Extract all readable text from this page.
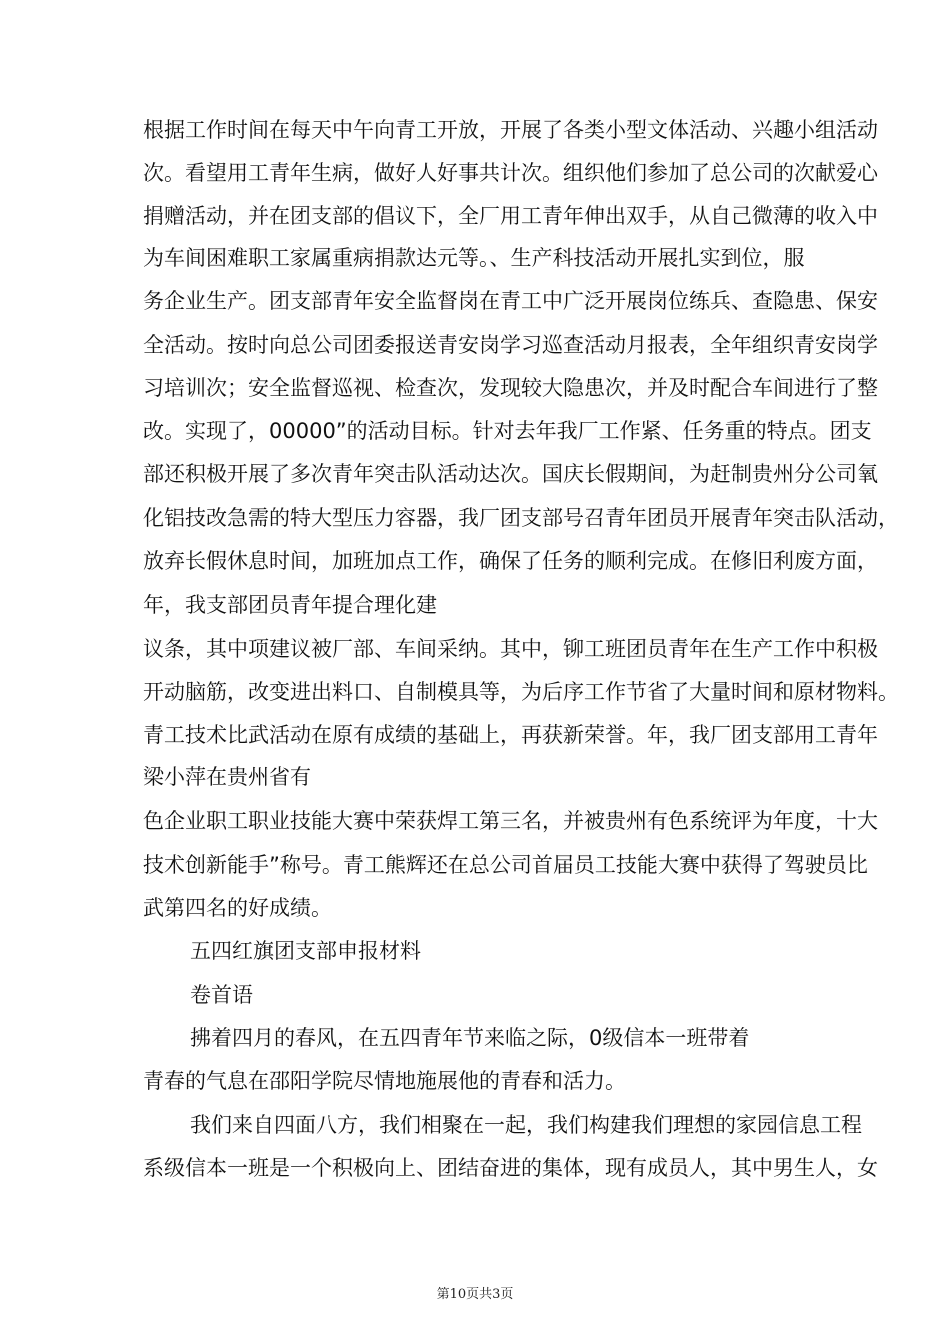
根据工作时间在每天中午向青工开放，开展了各类小型文体活动、兴趣小组活动
次。看望用工青年生病，做好人好事共计次。组织他们参加了总公司的次献爱心
捐赠活动，并在团支部的倡议下，全厂用工青年伸出双手，从自己微薄的收入中
为车间困难职工家属重病捐款达元等。、生产科技活动开展扎实到位，服
务企业生产。团支部青年安全监督岗在青工中广泛开展岗位练兵、查隐患、保安
全活动。按时向总公司团委报送青安岗学习巡查活动月报表，全年组织青安岗学
习培训次；安全监督巡视、检查次，发现较大隐患次，并及时配合车间进行了整
改。实现了，00000”的活动目标。针对去年我厂工作紧、任务重的特点。团支
部还积极开展了多次青年突击队活动达次。国庆长假期间，为赶制贵州分公司氧
化铝技改急需的特大型压力容器，我厂团支部号召青年团员开展青年突击队活动，
放弃长假休息时间，加班加点工作，确保了任务的顺利完成。在修旧利废方面，
年，我支部团员青年提合理化建
议条，其中项建议被厂部、车间采纳。其中，铆工班团员青年在生产工作中积极
开动脑筋，改变进出料口、自制模具等，为后序工作节省了大量时间和原材物料。
青工技术比武活动在原有成绩的基础上，再获新荣誉。年，我厂团支部用工青年
梁小萍在贵州省有
色企业职工职业技能大赛中荣获焊工第三名，并被贵州有色系统评为年度，十大
技术创新能手”称号。青工熊辉还在总公司首届员工技能大赛中获得了驾驶员比
武第四名的好成绩。
五四红旗团支部申报材料
卷首语
拂着四月的春风，在五四青年节来临之际，0级信本一班带着
青春的气息在邵阳学院尽情地施展他的青春和活力。
我们来自四面八方，我们相聚在一起，我们构建我们理想的家园信息工程
系级信本一班是一个积极向上、团结奋进的集体，现有成员人，其中男生人，女
第10页共3页
